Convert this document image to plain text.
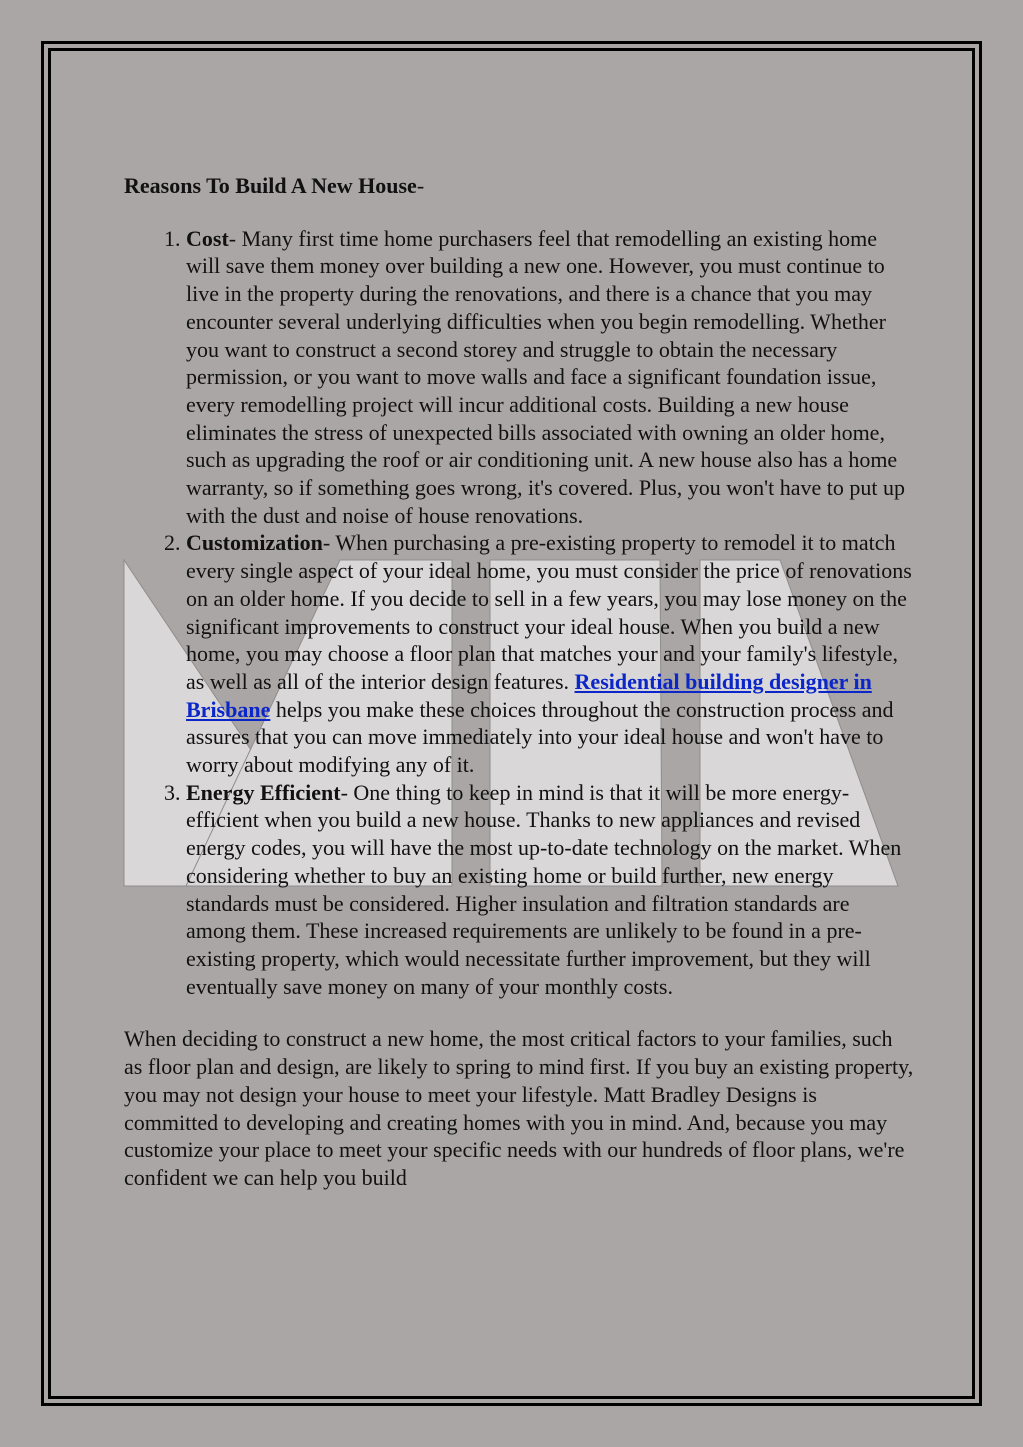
Reasons To Build A New House-

1. Cost- Many first time home purchasers feel that remodelling an existing home will save them money over building a new one. However, you must continue to live in the property during the renovations, and there is a chance that you may encounter several underlying difficulties when you begin remodelling. Whether you want to construct a second storey and struggle to obtain the necessary permission, or you want to move walls and face a significant foundation issue, every remodelling project will incur additional costs. Building a new house eliminates the stress of unexpected bills associated with owning an older home, such as upgrading the roof or air conditioning unit. A new house also has a home warranty, so if something goes wrong, it's covered. Plus, you won't have to put up with the dust and noise of house renovations.
2. Customization- When purchasing a pre-existing property to remodel it to match every single aspect of your ideal home, you must consider the price of renovations on an older home. If you decide to sell in a few years, you may lose money on the significant improvements to construct your ideal house. When you build a new home, you may choose a floor plan that matches your and your family's lifestyle, as well as all of the interior design features. Residential building designer in Brisbane helps you make these choices throughout the construction process and assures that you can move immediately into your ideal house and won't have to worry about modifying any of it.
3. Energy Efficient- One thing to keep in mind is that it will be more energy-efficient when you build a new house. Thanks to new appliances and revised energy codes, you will have the most up-to-date technology on the market. When considering whether to buy an existing home or build further, new energy standards must be considered. Higher insulation and filtration standards are among them. These increased requirements are unlikely to be found in a pre-existing property, which would necessitate further improvement, but they will eventually save money on many of your monthly costs.

When deciding to construct a new home, the most critical factors to your families, such as floor plan and design, are likely to spring to mind first. If you buy an existing property, you may not design your house to meet your lifestyle. Matt Bradley Designs is committed to developing and creating homes with you in mind. And, because you may customize your place to meet your specific needs with our hundreds of floor plans, we're confident we can help you build
